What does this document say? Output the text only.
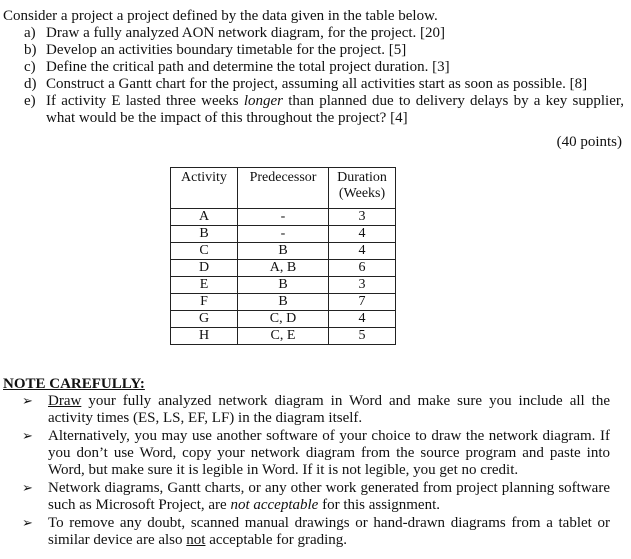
Consider a project a project defined by the data given in the table below.
a) Draw a fully analyzed AON network diagram, for the project. [20]
b) Develop an activities boundary timetable for the project. [5]
c) Define the critical path and determine the total project duration. [3]
d) Construct a Gantt chart for the project, assuming all activities start as soon as possible. [8]
e) If activity E lasted three weeks longer than planned due to delivery delays by a key supplier, what would be the impact of this throughout the project? [4]
(40 points)
Activity	Predecessor	Duration
(Weeks)
A	-	3
B	-	4
C	B	4
D	A, B	6
E	B	3
F	B	7
G	C, D	4
H	C, E	5
NOTE CAREFULLY:
➢	Draw your fully analyzed network diagram in Word and make sure you include all the activity times (ES, LS, EF, LF) in the diagram itself.
➢	Alternatively, you may use another software of your choice to draw the network diagram. If you don’t use Word, copy your network diagram from the source program and paste into Word, but make sure it is legible in Word. If it is not legible, you get no credit.
➢	Network diagrams, Gantt charts, or any other work generated from project planning software such as Microsoft Project, are not acceptable for this assignment.
➢	To remove any doubt, scanned manual drawings or hand-drawn diagrams from a tablet or similar device are also not acceptable for grading.
